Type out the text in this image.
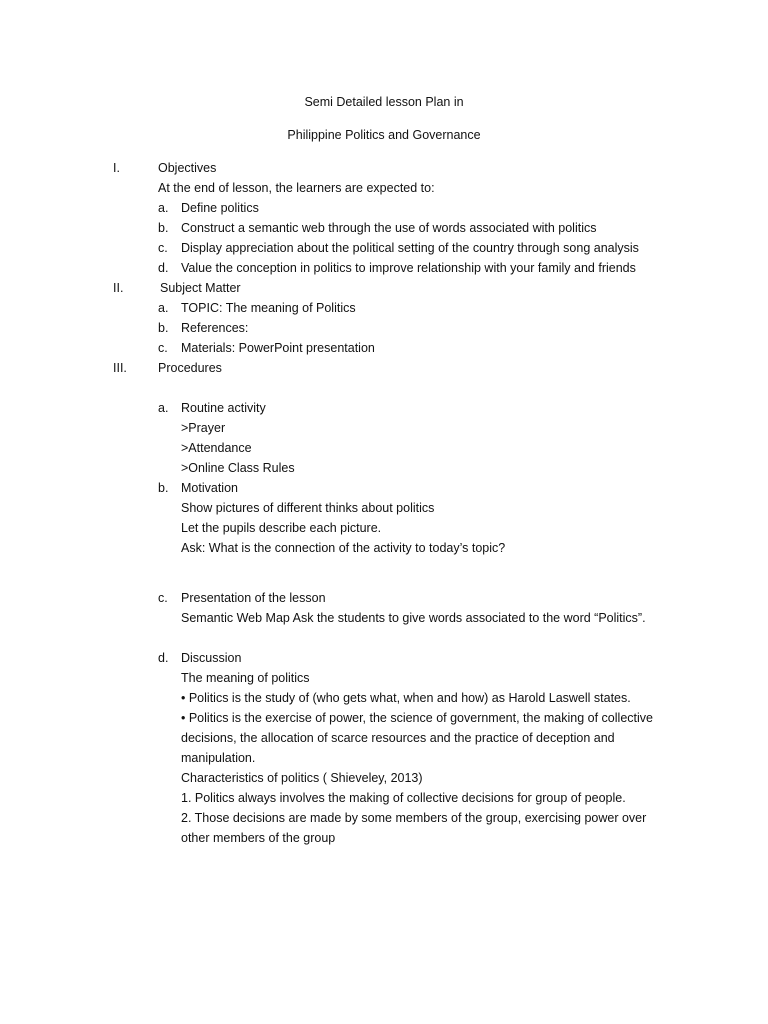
Semi Detailed lesson Plan in
Philippine Politics and Governance
I.	Objectives
At the end of lesson, the learners are expected to:
a. Define politics
b. Construct a semantic web through the use of words associated with politics
c. Display appreciation about the political setting of the country through song analysis
d. Value the conception in politics to improve relationship with your family and friends
II.	Subject Matter
a. TOPIC: The meaning of Politics
b. References:
c. Materials: PowerPoint presentation
III. Procedures
a. Routine activity
>Prayer
>Attendance
>Online Class Rules
b. Motivation
Show pictures of different thinks about politics
Let the pupils describe each picture.
Ask: What is the connection of the activity to today’s topic?
c. Presentation of the lesson
Semantic Web Map Ask the students to give words associated to the word “Politics”.
d. Discussion
The meaning of politics
• Politics is the study of (who gets what, when and how) as Harold Laswell states.
• Politics is the exercise of power, the science of government, the making of collective
decisions, the allocation of scarce resources and the practice of deception and
manipulation.
Characteristics of politics ( Shieveley, 2013)
1. Politics always involves the making of collective decisions for group of people.
2. Those decisions are made by some members of the group, exercising power over
other members of the group
